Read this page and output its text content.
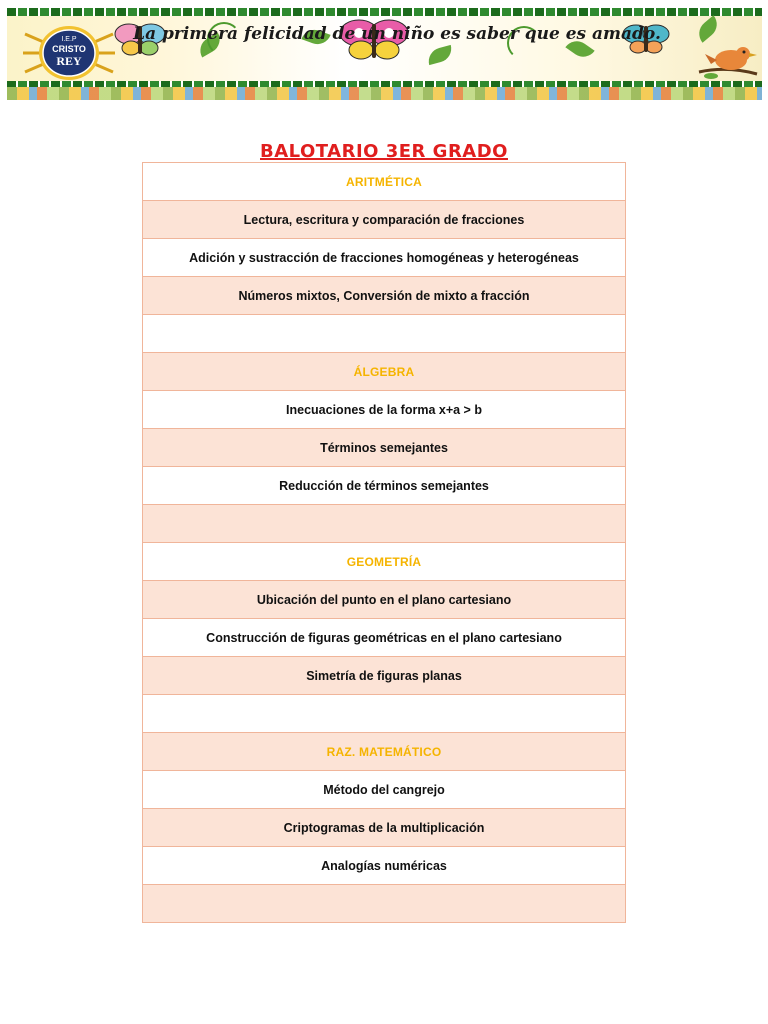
I.E.P
CRISTO
REY
La primera felicidad de un niño es saber que es amado.
BALOTARIO 3ER GRADO
ARITMÉTICA
Lectura, escritura y comparación de fracciones
Adición y sustracción de fracciones homogéneas y heterogéneas
Números mixtos, Conversión de mixto a fracción

ÁLGEBRA
Inecuaciones de la forma x+a > b
Términos semejantes
Reducción de términos semejantes

GEOMETRÍA
Ubicación del punto en el plano cartesiano
Construcción de figuras geométricas en el plano cartesiano
Simetría de figuras planas

RAZ. MATEMÁTICO
Método del cangrejo
Criptogramas de la multiplicación
Analogías numéricas
